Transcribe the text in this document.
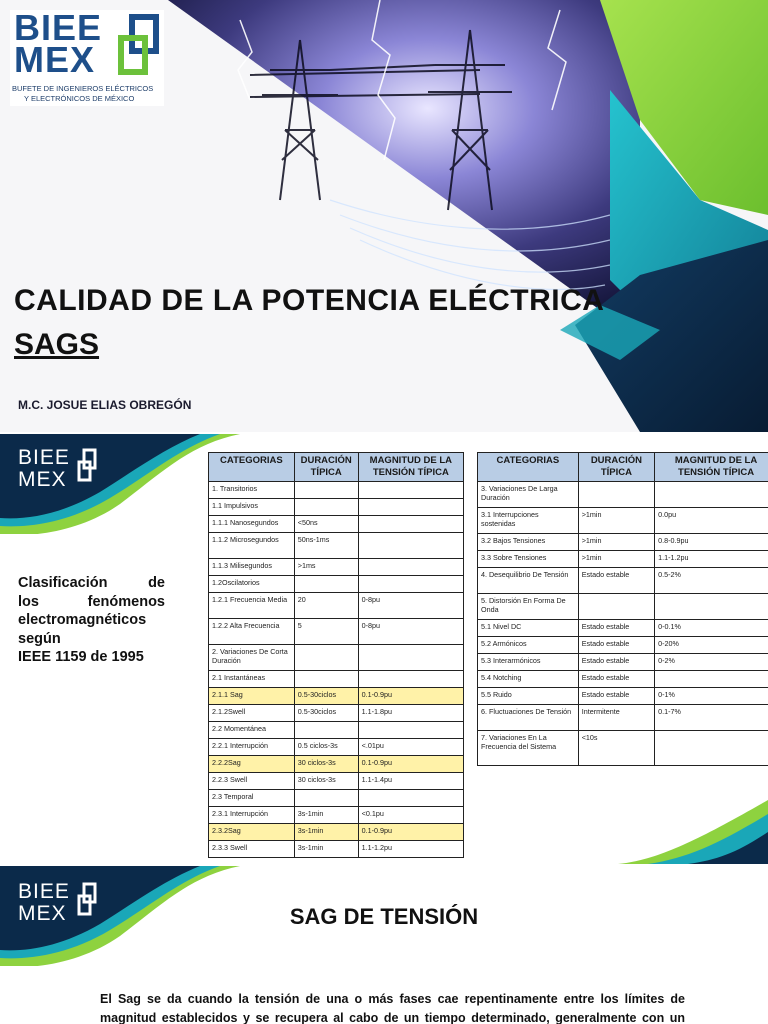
BIEE
MEX
BUFETE DE INGENIEROS ELÉCTRICOS
Y ELECTRÓNICOS DE MÉXICO
CALIDAD DE LA POTENCIA ELÉCTRICA
SAGS
M.C. JOSUE ELIAS OBREGÓN
BIEE
MEX
Clasificación	de
los	fenómenos
electromagnéticos
según
IEEE 1159 de 1995
CATEGORIAS	DURACIÓN TÍPICA	MAGNITUD DE LA TENSIÓN TÍPICA
1. Transitorios		
1.1 Impulsivos		
1.1.1 Nanosegundos	<50ns	
1.1.2 Microsegundos	50ns-1ms	
1.1.3 Milisegundos	>1ms	
1.2Oscilatorios		
1.2.1 Frecuencia Media	20	0-8pu
1.2.2 Alta Frecuencia	5	0-8pu
2. Variaciones De Corta Duración		
2.1 Instantáneas		
2.1.1 Sag	0.5-30ciclos	0.1-0.9pu
2.1.2Swell	0.5-30ciclos	1.1-1.8pu
2.2 Momentánea		
2.2.1 Interrupción	0.5 ciclos-3s	<.01pu
2.2.2Sag	30 ciclos-3s	0.1-0.9pu
2.2.3 Swell	30 ciclos-3s	1.1-1.4pu
2.3 Temporal		
2.3.1 Interrupción	3s-1min	<0.1pu
2.3.2Sag	3s-1min	0.1-0.9pu
2.3.3 Swell	3s-1min	1.1-1.2pu
CATEGORIAS	DURACIÓN TÍPICA	MAGNITUD DE LA TENSIÓN TÍPICA
3. Variaciones De Larga Duración		
3.1 Interrupciones sostenidas	>1min	0.0pu
3.2 Bajos Tensiones	>1min	0.8-0.9pu
3.3 Sobre Tensiones	>1min	1.1-1.2pu
4. Desequilibrio De Tensión	Estado estable	0.5-2%
5. Distorsión En Forma De Onda		
5.1 Nivel DC	Estado estable	0-0.1%
5.2 Armónicos	Estado estable	0-20%
5.3 Interarmónicos	Estado estable	0-2%
5.4 Notching	Estado estable	
5.5 Ruido	Estado estable	0-1%
6. Fluctuaciones De Tensión	Intermitente	0.1-7%
7. Variaciones En La Frecuencia del Sistema	<10s	
BIEE
MEX	SAG DE TENSIÓN
El Sag se da cuando la tensión de una o más fases cae repentinamente entre los límites de
magnitud establecidos y se recupera al cabo de un tiempo determinado, generalmente con un
